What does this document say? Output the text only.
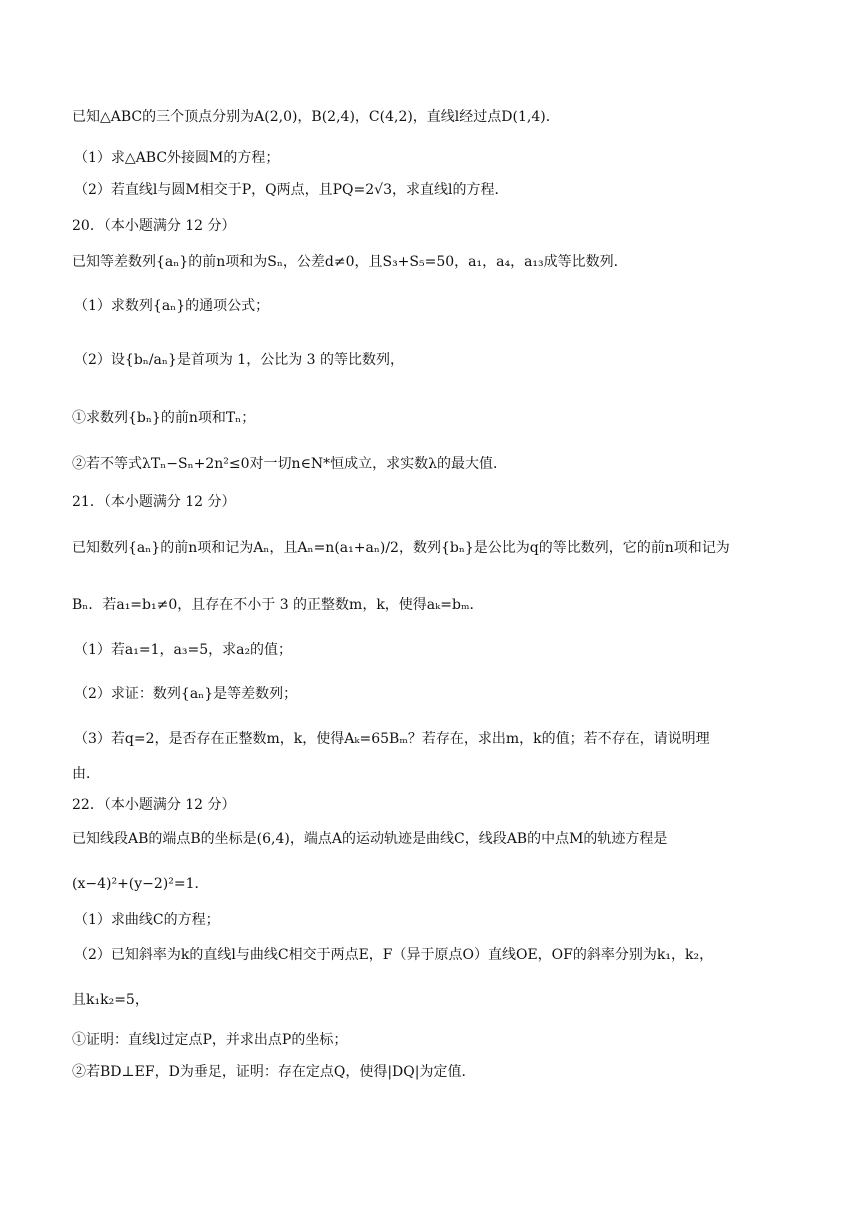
已知△ABC的三个顶点分别为A(2,0)，B(2,4)，C(4,2)，直线l经过点D(1,4)．
（1）求△ABC外接圆M的方程；
（2）若直线l与圆M相交于P，Q两点，且PQ=2√3，求直线l的方程．
20．（本小题满分 12 分）
已知等差数列{aₙ}的前n项和为Sₙ，公差d≠0，且S₃+S₅=50，a₁，a₄，a₁₃成等比数列．
（1）求数列{aₙ}的通项公式；
（2）设{bₙ/aₙ}是首项为 1，公比为 3 的等比数列，
①求数列{bₙ}的前n项和Tₙ；
②若不等式λTₙ−Sₙ+2n²≤0对一切n∈N*恒成立，求实数λ的最大值．
21．（本小题满分 12 分）
已知数列{aₙ}的前n项和记为Aₙ，且Aₙ=n(a₁+aₙ)/2，数列{bₙ}是公比为q的等比数列，它的前n项和记为
Bₙ．若a₁=b₁≠0，且存在不小于 3 的正整数m，k，使得aₖ=bₘ．
（1）若a₁=1，a₃=5，求a₂的值；
（2）求证：数列{aₙ}是等差数列；
（3）若q=2，是否存在正整数m，k，使得Aₖ=65Bₘ？若存在，求出m，k的值；若不存在，请说明理
由．
22．（本小题满分 12 分）
已知线段AB的端点B的坐标是(6,4)，端点A的运动轨迹是曲线C，线段AB的中点M的轨迹方程是
(x−4)²+(y−2)²=1．
（1）求曲线C的方程；
（2）已知斜率为k的直线l与曲线C相交于两点E，F（异于原点O）直线OE，OF的斜率分别为k₁，k₂，
且k₁k₂=5，
①证明：直线l过定点P，并求出点P的坐标；
②若BD⊥EF，D为垂足，证明：存在定点Q，使得|DQ|为定值．
